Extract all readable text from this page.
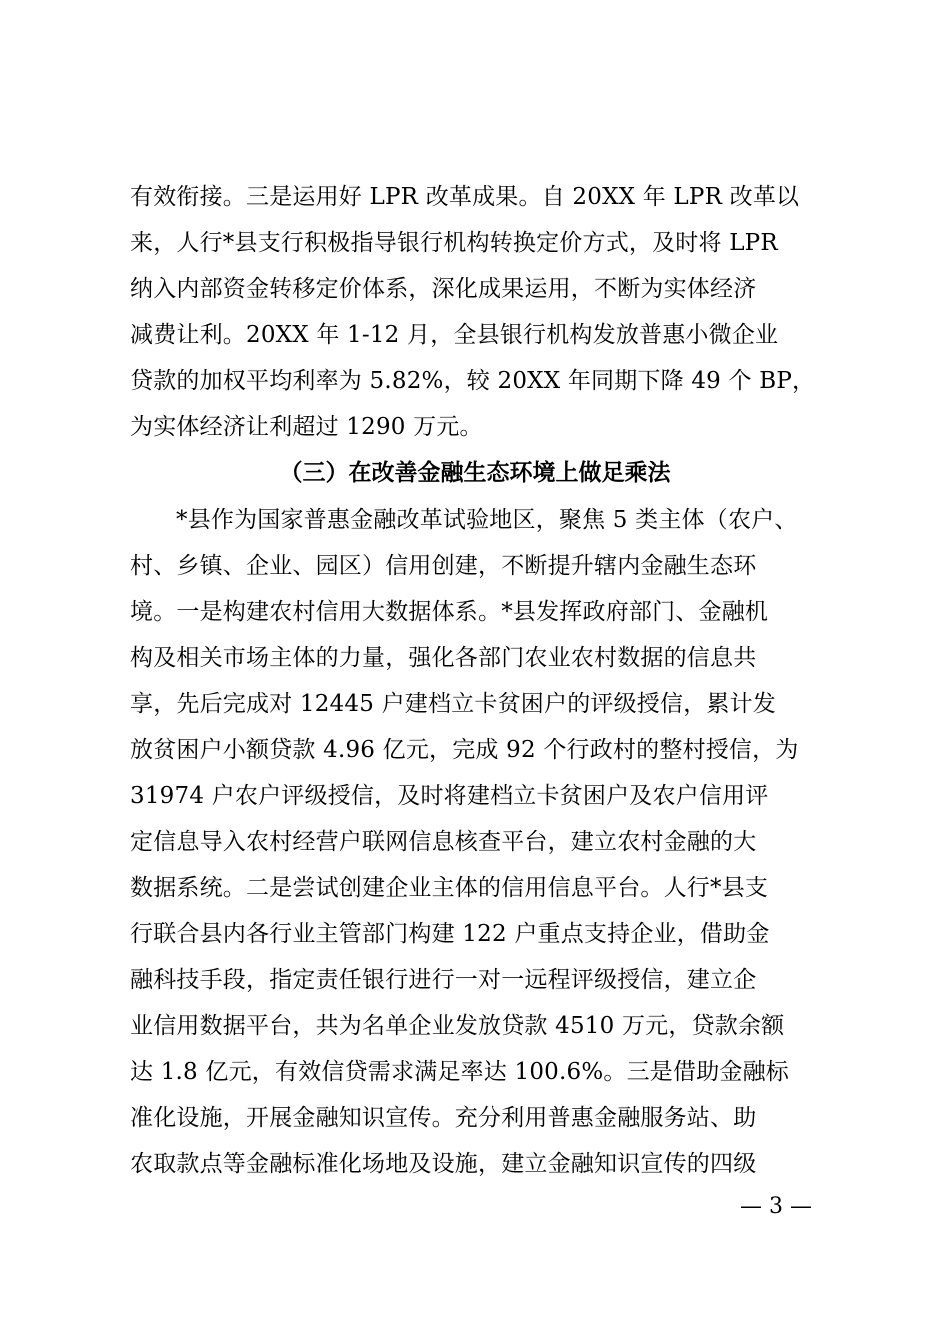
有效衔接。三是运用好 LPR 改革成果。自 20XX 年 LPR 改革以
来，人行*县支行积极指导银行机构转换定价方式，及时将 LPR
纳入内部资金转移定价体系，深化成果运用，不断为实体经济
减费让利。20XX 年 1-12 月，全县银行机构发放普惠小微企业
贷款的加权平均利率为 5.82%，较 20XX 年同期下降 49 个 BP，
为实体经济让利超过 1290 万元。
（三）在改善金融生态环境上做足乘法
*县作为国家普惠金融改革试验地区，聚焦 5 类主体（农户、
村、乡镇、企业、园区）信用创建，不断提升辖内金融生态环
境。一是构建农村信用大数据体系。*县发挥政府部门、金融机
构及相关市场主体的力量，强化各部门农业农村数据的信息共
享，先后完成对 12445 户建档立卡贫困户的评级授信，累计发
放贫困户小额贷款 4.96 亿元，完成 92 个行政村的整村授信，为
31974 户农户评级授信，及时将建档立卡贫困户及农户信用评
定信息导入农村经营户联网信息核查平台，建立农村金融的大
数据系统。二是尝试创建企业主体的信用信息平台。人行*县支
行联合县内各行业主管部门构建 122 户重点支持企业，借助金
融科技手段，指定责任银行进行一对一远程评级授信，建立企
业信用数据平台，共为名单企业发放贷款 4510 万元，贷款余额
达 1.8 亿元，有效信贷需求满足率达 100.6%。三是借助金融标
准化设施，开展金融知识宣传。充分利用普惠金融服务站、助
农取款点等金融标准化场地及设施，建立金融知识宣传的四级
— 3 —
